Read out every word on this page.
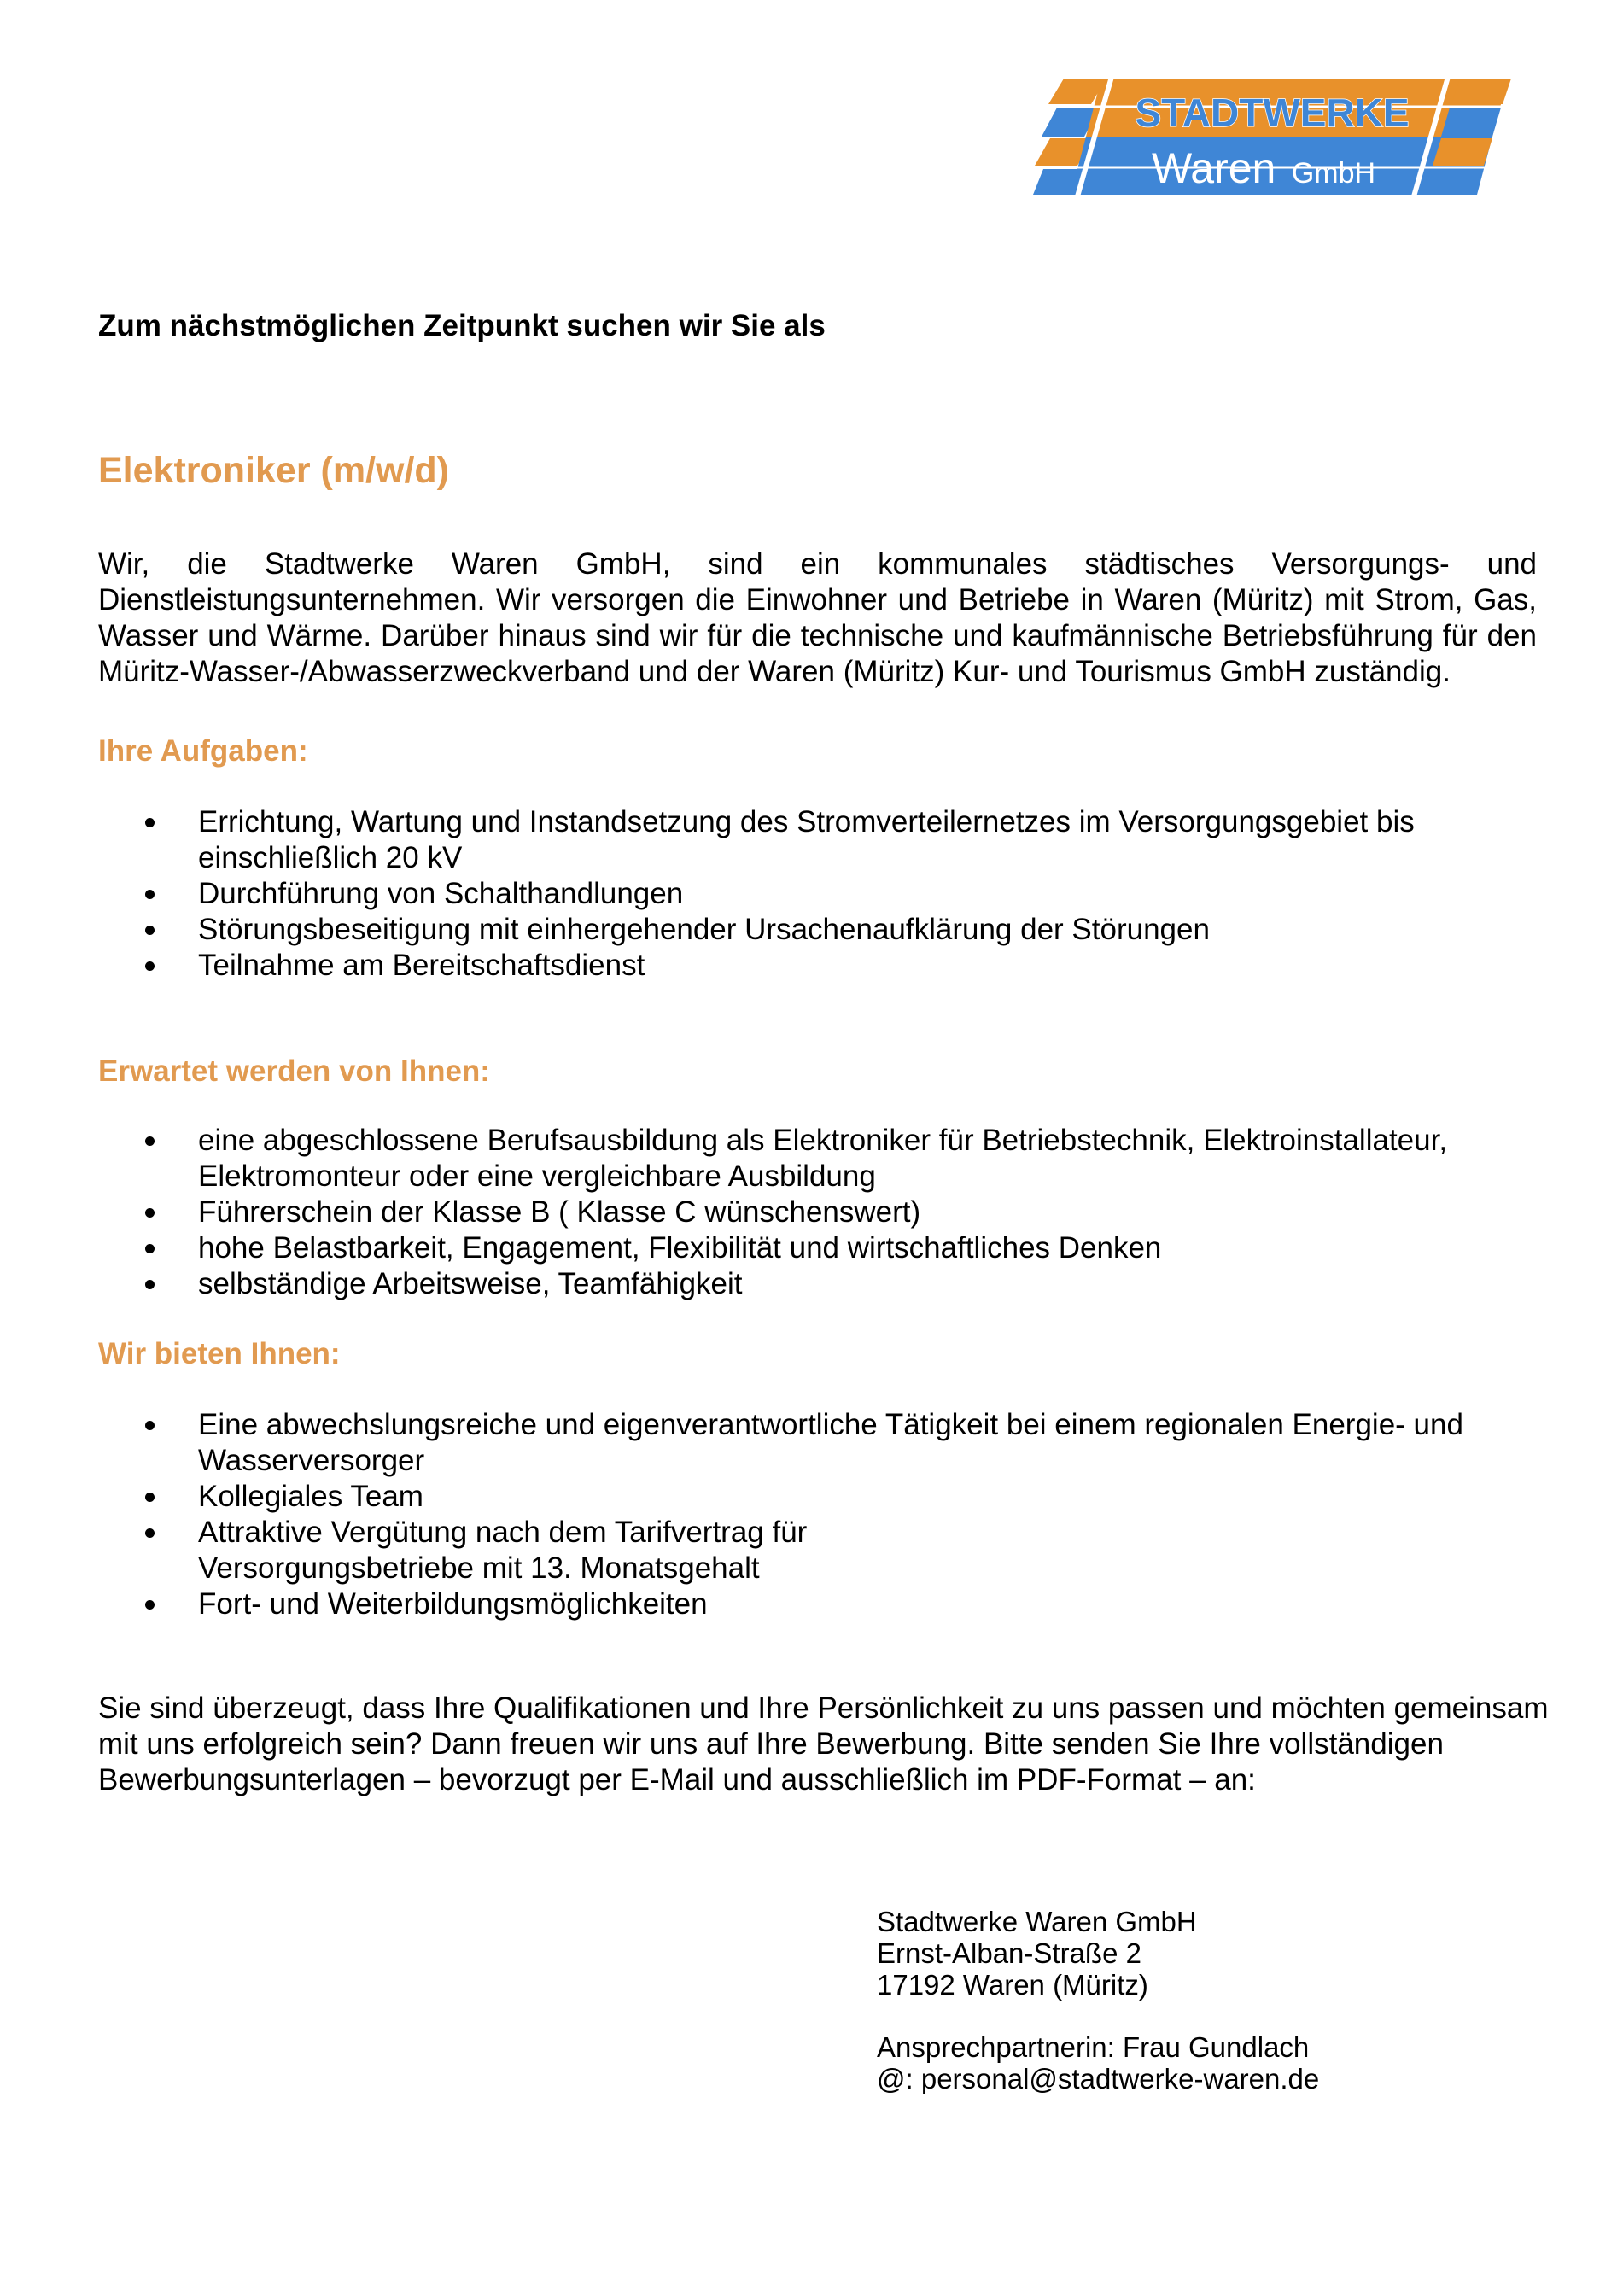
STADTWERKE
Waren GmbH

Zum nächstmöglichen Zeitpunkt suchen wir Sie als

Elektroniker (m/w/d)

Wir, die Stadtwerke Waren GmbH, sind ein kommunales städtisches Versorgungs- und Dienstleistungsunternehmen. Wir versorgen die Einwohner und Betriebe in Waren (Müritz) mit Strom, Gas, Wasser und Wärme. Darüber hinaus sind wir für die technische und kaufmännische Betriebsführung für den Müritz-Wasser-/Abwasserzweckverband und der Waren (Müritz) Kur- und Tourismus GmbH zuständig.

Ihre Aufgaben:
Errichtung, Wartung und Instandsetzung des Stromverteilernetzes im Versorgungsgebiet bis einschließlich 20 kV
Durchführung von Schalthandlungen
Störungsbeseitigung mit einhergehender Ursachenaufklärung der Störungen
Teilnahme am Bereitschaftsdienst
Erwartet werden von Ihnen:
eine abgeschlossene Berufsausbildung als Elektroniker für Betriebstechnik, Elektroinstallateur, Elektromonteur oder eine vergleichbare Ausbildung
Führerschein der Klasse B ( Klasse C wünschenswert)
hohe Belastbarkeit, Engagement, Flexibilität und wirtschaftliches Denken
selbständige Arbeitsweise, Teamfähigkeit
Wir bieten Ihnen:
Eine abwechslungsreiche und eigenverantwortliche Tätigkeit bei einem regionalen Energie- und Wasserversorger
Kollegiales Team
Attraktive Vergütung nach dem Tarifvertrag für Versorgungsbetriebe mit 13. Monatsgehalt
Fort- und Weiterbildungsmöglichkeiten

Sie sind überzeugt, dass Ihre Qualifikationen und Ihre Persönlichkeit zu uns passen und möchten gemeinsam mit uns erfolgreich sein? Dann freuen wir uns auf Ihre Bewerbung. Bitte senden Sie Ihre vollständigen Bewerbungsunterlagen – bevorzugt per E-Mail und ausschließlich im PDF-Format – an:

Stadtwerke Waren GmbH
Ernst-Alban-Straße 2
17192 Waren (Müritz)
Ansprechpartnerin: Frau Gundlach
@: personal@stadtwerke-waren.de
